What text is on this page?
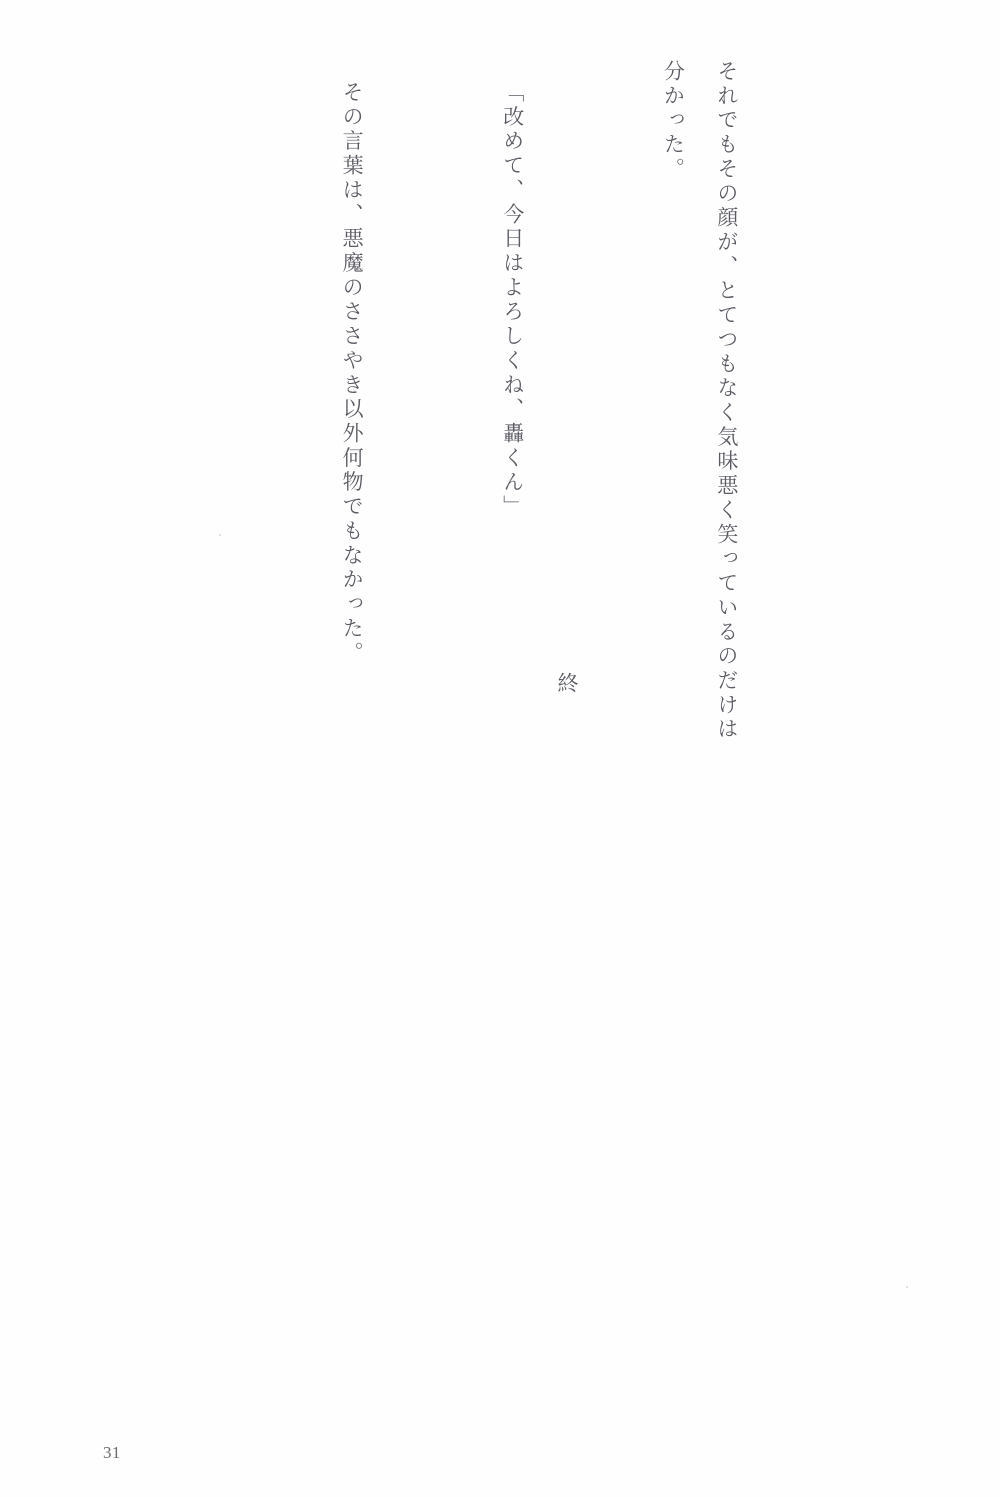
それでもその顔が、とてつもなく気味悪く笑っているのだけは分かった。

「改めて、今日はよろしくね、轟くん」

その言葉は、悪魔のささやき以外何物でもなかった。

終
31
